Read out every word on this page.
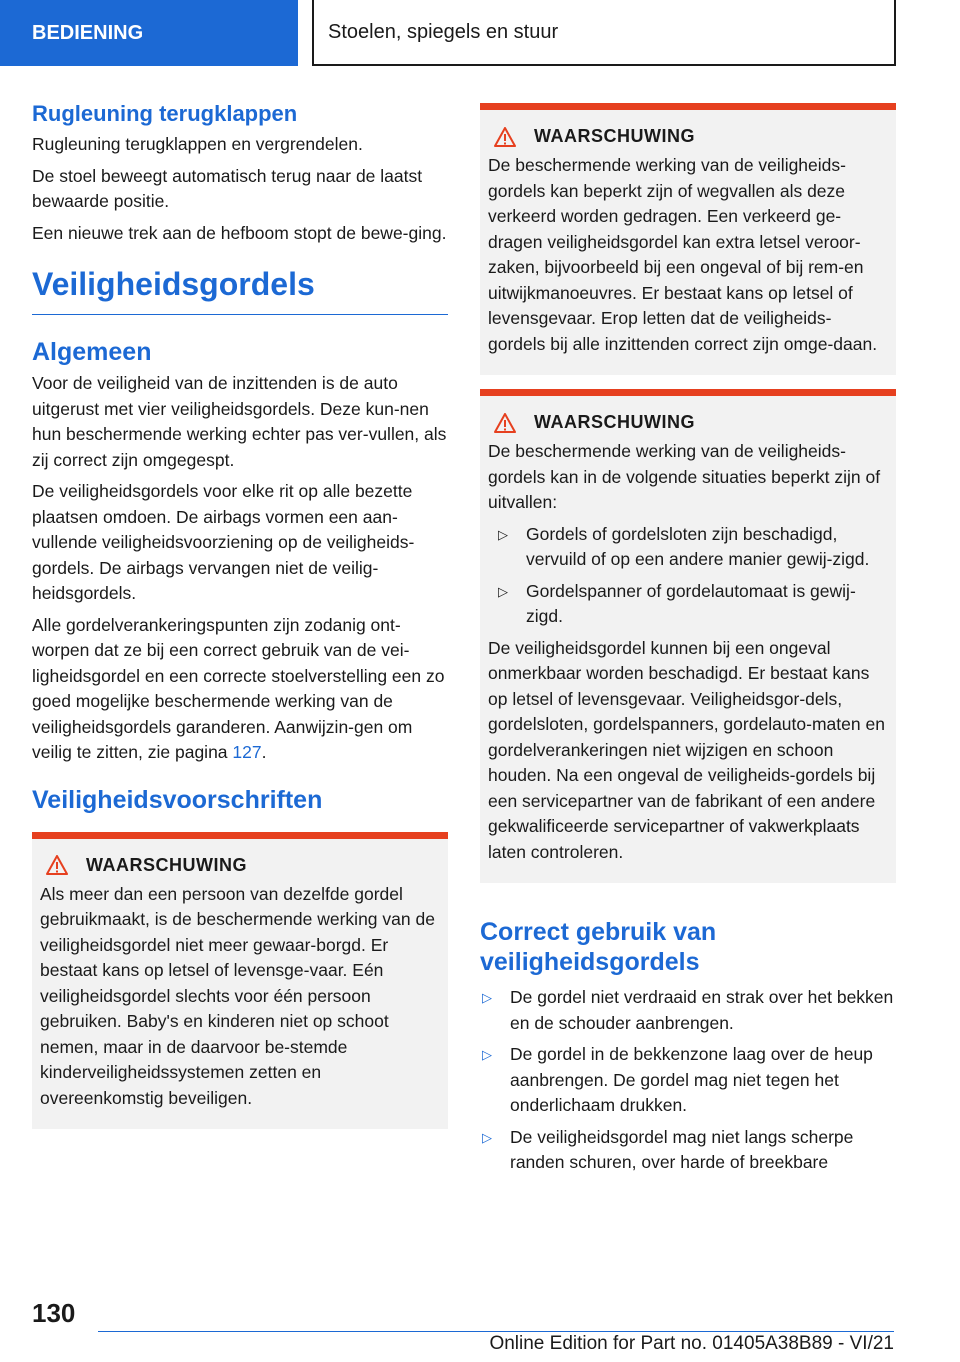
BEDIENING	Stoelen, spiegels en stuur
Rugleuning terugklappen

Rugleuning terugklappen en vergrendelen.

De stoel beweegt automatisch terug naar de laatst bewaarde positie.

Een nieuwe trek aan de hefboom stopt de bewe-ging.

Veiligheidsgordels
Algemeen

Voor de veiligheid van de inzittenden is de auto uitgerust met vier veiligheidsgordels. Deze kun-nen hun beschermende werking echter pas ver-vullen, als zij correct zijn omgegespt.

De veiligheidsgordels voor elke rit op alle bezette plaatsen omdoen. De airbags vormen een aan-vullende veiligheidsvoorziening op de veiligheids-gordels. De airbags vervangen niet de veilig-heidsgordels.

Alle gordelverankeringspunten zijn zodanig ont-worpen dat ze bij een correct gebruik van de vei-ligheidsgordel en een correcte stoelverstelling een zo goed mogelijke beschermende werking van de veiligheidsgordels garanderen. Aanwijzin-gen om veilig te zitten, zie pagina 127.

Veiligheidsvoorschriften
WAARSCHUWING

Als meer dan een persoon van dezelfde gordel gebruikmaakt, is de beschermende werking van de veiligheidsgordel niet meer gewaar-borgd. Er bestaat kans op letsel of levensge-vaar. Eén veiligheidsgordel slechts voor één persoon gebruiken. Baby's en kinderen niet op schoot nemen, maar in de daarvoor be-stemde kinderveiligheidssystemen zetten en overeenkomstig beveiligen.

WAARSCHUWING

De beschermende werking van de veiligheids-gordels kan beperkt zijn of wegvallen als deze verkeerd worden gedragen. Een verkeerd ge-dragen veiligheidsgordel kan extra letsel veroor-zaken, bijvoorbeeld bij een ongeval of bij rem-en uitwijkmanoeuvres. Er bestaat kans op letsel of levensgevaar. Erop letten dat de veiligheids-gordels bij alle inzittenden correct zijn omge-daan.

WAARSCHUWING

De beschermende werking van de veiligheids-gordels kan in de volgende situaties beperkt zijn of uitvallen:

▷	Gordels of gordelsloten zijn beschadigd, vervuild of op een andere manier gewij-zigd.
▷	Gordelspanner of gordelautomaat is gewij-zigd.

De veiligheidsgordel kunnen bij een ongeval onmerkbaar worden beschadigd. Er bestaat kans op letsel of levensgevaar. Veiligheidsgor-dels, gordelsloten, gordelspanners, gordelauto-maten en gordelverankeringen niet wijzigen en schoon houden. Na een ongeval de veiligheids-gordels bij een servicepartner van de fabrikant of een andere gekwalificeerde servicepartner of vakwerkplaats laten controleren.

Correct gebruik van veiligheidsgordels
▷	De gordel niet verdraaid en strak over het bekken en de schouder aanbrengen.
▷	De gordel in de bekkenzone laag over de heup aanbrengen. De gordel mag niet tegen het onderlichaam drukken.
▷	De veiligheidsgordel mag niet langs scherpe randen schuren, over harde of breekbare
130
Online Edition for Part no. 01405A38B89 - VI/21
